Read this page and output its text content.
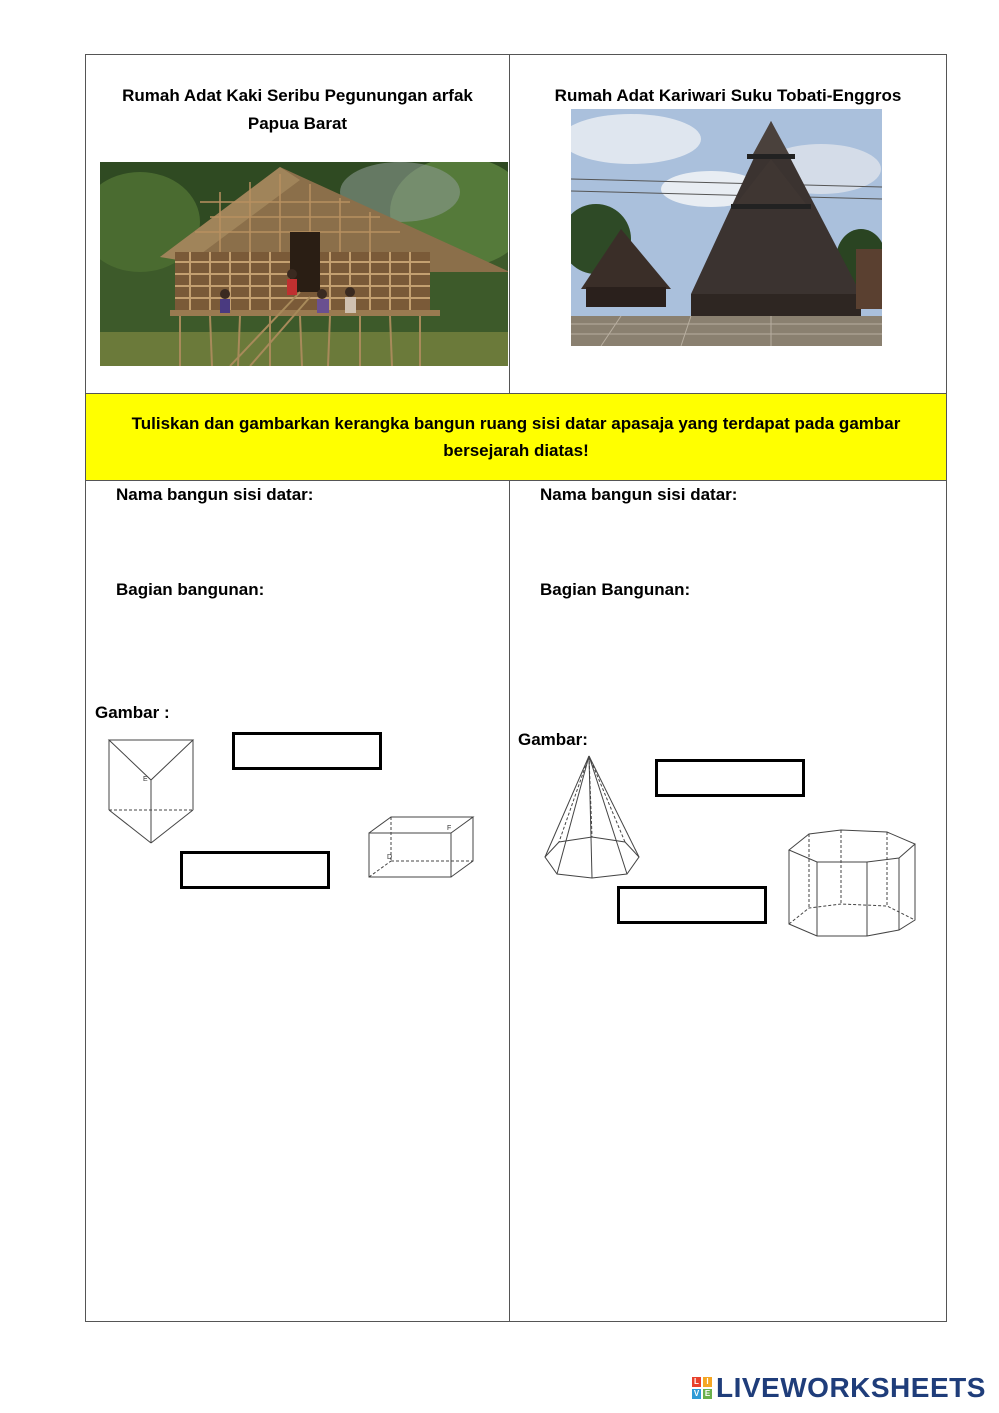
Rumah Adat Kaki Seribu Pegunungan arfak
Papua Barat
Rumah Adat Kariwari Suku Tobati-Enggros
Tuliskan dan gambarkan kerangka bangun ruang sisi datar apasaja yang terdapat pada gambar bersejarah diatas!
Nama bangun sisi datar:
Bagian bangunan:
Gambar :
Nama bangun sisi datar:
Bagian Bangunan:
Gambar:
E
F
D
L I
V E LIVEWORKSHEETS
